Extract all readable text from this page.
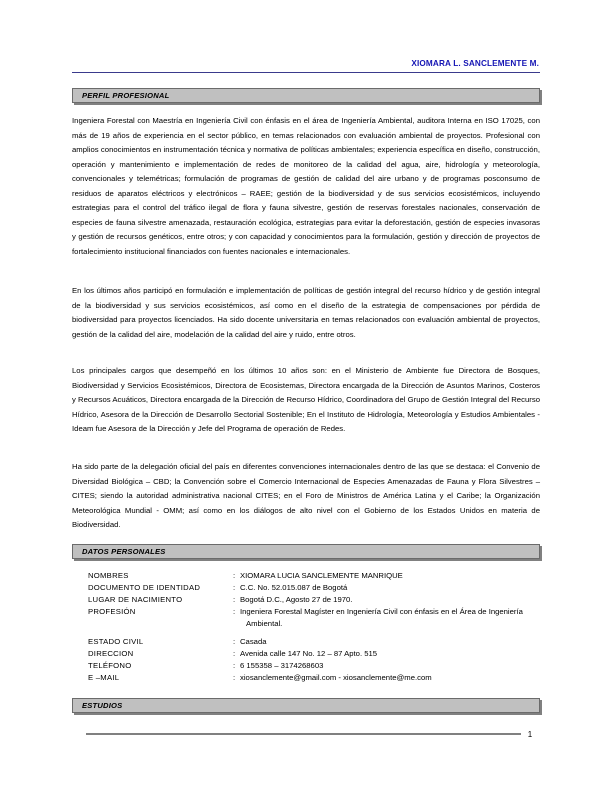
XIOMARA L. SANCLEMENTE M.
PERFIL PROFESIONAL
Ingeniera Forestal con Maestría en Ingeniería Civil con énfasis en el área de Ingeniería Ambiental, auditora Interna en ISO 17025, con más de 19 años de experiencia en el sector público, en temas relacionados con evaluación ambiental de proyectos. Profesional con amplios conocimientos en instrumentación técnica y normativa de políticas ambientales; experiencia específica en diseño, construcción, operación y mantenimiento e implementación de redes de monitoreo de la calidad del agua, aire, hidrología y meteorología, convencionales y telemétricas; formulación de programas de gestión de calidad del aire urbano y de programas posconsumo de residuos de aparatos eléctricos y electrónicos – RAEE; gestión de la biodiversidad y de sus servicios ecosistémicos, incluyendo estrategias para el control del tráfico ilegal de flora y fauna silvestre, gestión de reservas forestales nacionales, conservación de especies de fauna silvestre amenazada, restauración ecológica, estrategias para evitar la deforestación, gestión de especies invasoras y gestión de recursos genéticos, entre otros; y con capacidad y conocimientos para la formulación, gestión y dirección de proyectos de fortalecimiento institucional financiados con fuentes nacionales e internacionales.
En los últimos años participó en formulación e implementación de políticas de gestión integral del recurso hídrico y de gestión integral de la biodiversidad y sus servicios ecosistémicos, así como en el diseño de la estrategia de compensaciones por pérdida de biodiversidad para proyectos licenciados. Ha sido docente universitaria en temas relacionados con evaluación ambiental de proyectos, gestión de la calidad del aire, modelación de la calidad del aire y ruido, entre otros.
Los principales cargos que desempeñó en los últimos 10 años son: en el Ministerio de Ambiente fue Directora de Bosques, Biodiversidad y Servicios Ecosistémicos, Directora de Ecosistemas, Directora encargada de la Dirección de Asuntos Marinos, Costeros y Recursos Acuáticos, Directora encargada de la Dirección de Recurso Hídrico, Coordinadora del Grupo de Gestión Integral del Recurso Hídrico, Asesora de la Dirección de Desarrollo Sectorial Sostenible; En el Instituto de Hidrología, Meteorología y Estudios Ambientales - Ideam fue Asesora de la Dirección y Jefe del Programa de operación de Redes.
Ha sido parte de la delegación oficial del país en diferentes convenciones internacionales dentro de las que se destaca: el Convenio de Diversidad Biológica – CBD; la Convención sobre el Comercio Internacional de Especies Amenazadas de Fauna y Flora Silvestres – CITES; siendo la autoridad administrativa nacional CITES; en el Foro de Ministros de América Latina y el Caribe; la Organización Meteorológica Mundial - OMM; así como en los diálogos de alto nivel con el Gobierno de los Estados Unidos en materia de Biodiversidad.
DATOS PERSONALES
NOMBRES	: XIOMARA LUCIA SANCLEMENTE MANRIQUE
DOCUMENTO DE IDENTIDAD	: C.C. No. 52.015.087 de Bogotá
LUGAR DE NACIMIENTO	: Bogotá D.C., Agosto 27 de 1970.
PROFESIÓN	: Ingeniera Forestal Magíster en Ingeniería Civil con énfasis en el Área de Ingeniería
Ambiental.
ESTADO CIVIL	: Casada
DIRECCION	: Avenida calle 147 No. 12 – 87 Apto. 515
TELÉFONO	: 6 155358 – 3174268603
E –MAIL	: xiosanclemente@gmail.com - xiosanclemente@me.com
ESTUDIOS
1
